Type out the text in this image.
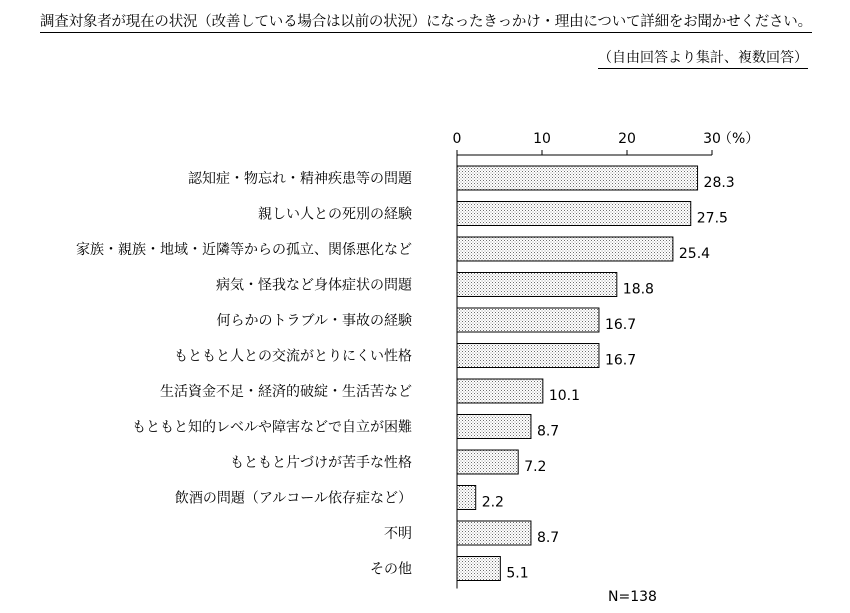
調査対象者が現在の状況（改善している場合は以前の状況）になったきっかけ・理由について詳細をお聞かせください。
（自由回答より集計、複数回答）
0	10	20	30
（%）
認知症・物忘れ・精神疾患等の問題	28.3
親しい人との死別の経験	27.5
家族・親族・地域・近隣等からの孤立、関係悪化など	25.4
病気・怪我など身体症状の問題	18.8
何らかのトラブル・事故の経験	16.7
もともと人との交流がとりにくい性格	16.7
生活資金不足・経済的破綻・生活苦など	10.1
もともと知的レベルや障害などで自立が困難	8.7
もともと片づけが苦手な性格	7.2
飲酒の問題（アルコール依存症など）	2.2
不明	8.7
その他	5.1
N=138
